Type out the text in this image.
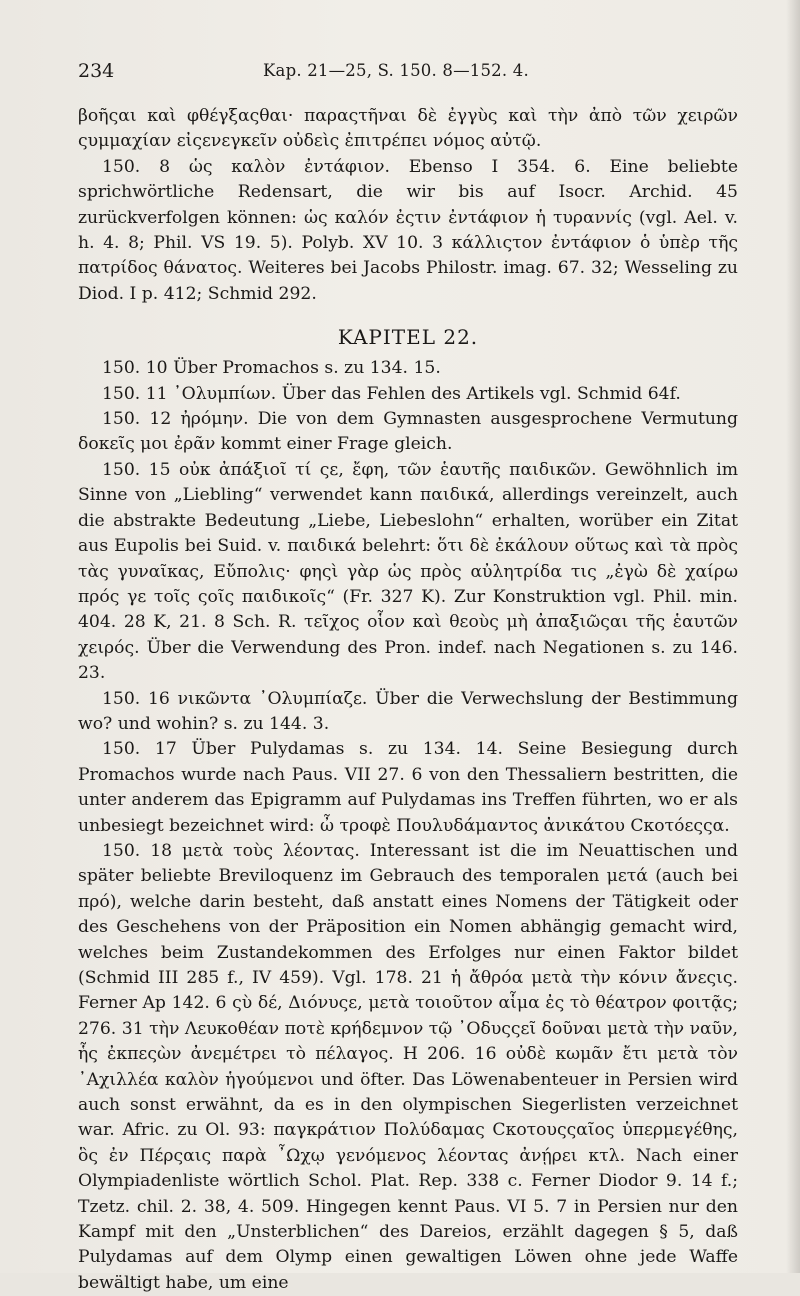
234	Kap. 21—25, S. 150. 8—152. 4.

βοῆςαι καὶ φθέγξαςθαι· παραςτῆναι δὲ ἐγγὺς καὶ τὴν ἀπὸ τῶν χειρῶν ςυμμαχίαν εἰςενεγκεῖν οὐδεὶς ἐπιτρέπει νόμος αὐτῷ.

150. 8 ὡς καλὸν ἐντάφιον. Ebenso I 354. 6. Eine beliebte sprichwörtliche Redensart, die wir bis auf Isocr. Archid. 45 zurückverfolgen können: ὡς καλόν ἐςτιν ἐντάφιον ἡ τυραννίς (vgl. Ael. v. h. 4. 8; Phil. VS 19. 5). Polyb. XV 10. 3 κάλλιςτον ἐντάφιον ὁ ὑπὲρ τῆς πατρίδος θάνατος. Weiteres bei Jacobs Philostr. imag. 67. 32; Wesseling zu Diod. I p. 412; Schmid 292.

KAPITEL 22.

150. 10 Über Promachos s. zu 134. 15.

150. 11 ᾿Ολυμπίων. Über das Fehlen des Artikels vgl. Schmid 64f.

150. 12 ἠρόμην. Die von dem Gymnasten ausgesprochene Vermutung δοκεῖς μοι ἐρᾶν kommt einer Frage gleich.

150. 15 οὐκ ἀπάξιοῖ τί ςε, ἔφη, τῶν ἑαυτῆς παιδικῶν. Gewöhnlich im Sinne von „Liebling“ verwendet kann παιδικά, allerdings vereinzelt, auch die abstrakte Bedeutung „Liebe, Liebeslohn“ erhalten, worüber ein Zitat aus Eupolis bei Suid. v. παιδικά belehrt: ὅτι δὲ ἐκάλουν οὕτως καὶ τὰ πρὸς τὰς γυναῖκας, Εὔπολις· φηςὶ γὰρ ὡς πρὸς αὐλητρίδα τις „ἐγὼ δὲ χαίρω πρός γε τοῖς ςοῖς παιδικοῖς“ (Fr. 327 K). Zur Konstruktion vgl. Phil. min. 404. 28 K, 21. 8 Sch. R. τεῖχος οἷον καὶ θεοὺς μὴ ἀπαξιῶςαι τῆς ἑαυτῶν χειρός. Über die Verwendung des Pron. indef. nach Negationen s. zu 146. 23.

150. 16 νικῶντα ᾿Ολυμπίαζε. Über die Verwechslung der Bestimmung wo? und wohin? s. zu 144. 3.

150. 17 Über Pulydamas s. zu 134. 14. Seine Besiegung durch Promachos wurde nach Paus. VII 27. 6 von den Thessaliern bestritten, die unter anderem das Epigramm auf Pulydamas ins Treffen führten, wo er als unbesiegt bezeichnet wird: ὦ τροφὲ Πουλυδάμαντος ἀνικάτου Cκοτόεςςα.

150. 18 μετὰ τοὺς λέοντας. Interessant ist die im Neuattischen und später beliebte Breviloquenz im Gebrauch des temporalen μετά (auch bei πρό), welche darin besteht, daß anstatt eines Nomens der Tätigkeit oder des Geschehens von der Präposition ein Nomen abhängig gemacht wird, welches beim Zustandekommen des Erfolges nur einen Faktor bildet (Schmid III 285 f., IV 459). Vgl. 178. 21 ἡ ἄθρόα μετὰ τὴν κόνιν ἄνεςις. Ferner Ap 142. 6 ςὺ δέ, Διόνυςε, μετὰ τοιοῦτον αἷμα ἐς τὸ θέατρον φοιτᾷς; 276. 31 τὴν Λευκοθέαν ποτὲ κρήδεμνον τῷ ᾿Οδυςςεῖ δοῦναι μετὰ τὴν ναῦν, ἧς ἐκπεςὼν ἀνεμέτρει τὸ πέλαγος. H 206. 16 οὐδὲ κωμᾶν ἔτι μετὰ τὸν ᾿Αχιλλέα καλὸν ἡγούμενοι und öfter. Das Löwenabenteuer in Persien wird auch sonst erwähnt, da es in den olympischen Siegerlisten verzeichnet war. Afric. zu Ol. 93: παγκράτιον Πολύδαμας Cκοτουςςαῖος ὑπερμεγέθης, ὃς ἐν Πέρςαις παρὰ ῏Ωχῳ γενόμενος λέοντας ἀνῄρει κτλ. Nach einer Olympiadenliste wörtlich Schol. Plat. Rep. 338 c. Ferner Diodor 9. 14 f.; Tzetz. chil. 2. 38, 4. 509. Hingegen kennt Paus. VI 5. 7 in Persien nur den Kampf mit den „Unsterblichen“ des Dareios, erzählt dagegen § 5, daß Pulydamas auf dem Olymp einen gewaltigen Löwen ohne jede Waffe bewältigt habe, um eine
